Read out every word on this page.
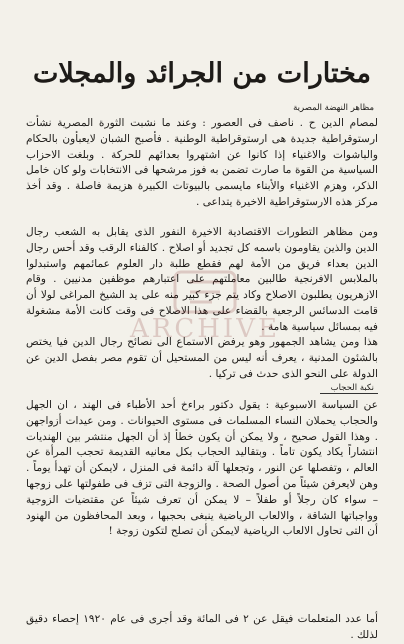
مختارات من الجرائد والمجلات

مظاهر النهضة المصرية

لمصام الدين ح . ناصف فى العصور : وعند ما نشبت الثورة المصرية نشأت ارستوقراطية جديدة هى ارستوقراطية الوطنية . فأصبح الشبان لايعبأون بالحكام والباشوات والاغنياء إذا كانوا عن اشتهروا بعدائهم للحركة . وبلغت الاحزاب السياسية من القوة ما صارت تضمن به فوز مرشحها فى الانتخابات ولو كان خامل الذكر، وهزم الاغنياء والأبناء مايسمى بالبيوتات الكبيرة هزيمة فاصلة . وقد أخذ مركز هذه الارستوقراطية الاخيرة يتداعى .

ومن مظاهر التطورات الاقتصادية الاخيرة النفور الذى يقابل به الشعب رجال الدين والذين يقاومون باسمه كل تجديد أو اصلاح . كالفناء الرقب وقد أحس رجال الدين بعداء فريق من الأمة لهم فقطع طلبة دار العلوم عمائمهم واستبدلوا بالملابس الافرنجية طالبين معاملتهم على اعتبارهم موظفين مدنيين . وقام الازهريون يطلبون الاصلاح وكاد يتم جزء كبير منه على يد الشيخ المراغى لولا أن قامت الدسائس الرجعية بالقضاء على هذا الاصلاح فى وقت كانت الأمة مشغولة فيه بمسائل سياسية هامة .

هذا ومن يشاهد الجمهور وهو يرفض الاستماع الى نصائح رجال الدين فيا يختص بالشئون المدنية ، يعرف أنه ليس من المستحيل أن تقوم مصر بفصل الدين عن الدولة على النحو الذى حدث فى تركيا .

نكبة الحجاب

عن السياسة الاسبوعية : يقول دكتور براءخ أحد الأطباء فى الهند ، ان الجهل والحجاب يحملان النساء المسلمات فى مستوى الحيوانات . ومن عيدات أزواجهن . وهذا القول صحيح ، ولا يمكن أن يكون خطأ إذ أن الجهل منتشر بين الهنديات انتشاراً يكاد يكون تاماً . وبتقاليد الحجاب بكل معانيه القديمة تحجب المرأة عن العالم ، وتفصلها عن النور ، وتجعلها آلة دائمة فى المنزل ، لايمكن أن تهدأ يوماً . وهن لايعرفن شيئاً من أصول الصحة . والزوجة التى تزف فى طفولتها على زوجها – سواء كان رجلاً أو طفلاً – لا يمكن أن تعرف شيئاً عن مقتضيات الزوجية وواجباتها الشاقة ، والالعاب الرياضية ينبغى بحجبها ، وبعد المحافظون من الهنود أن التى تحاول الالعاب الرياضية لايمكن أن تصلح لتكون زوجة !

أما عدد المتعلمات فيقل عن ٢ فى المائة وقد أجرى فى عام ١٩٢٠ إحصاء دقيق لذلك .

ARCHIVE
